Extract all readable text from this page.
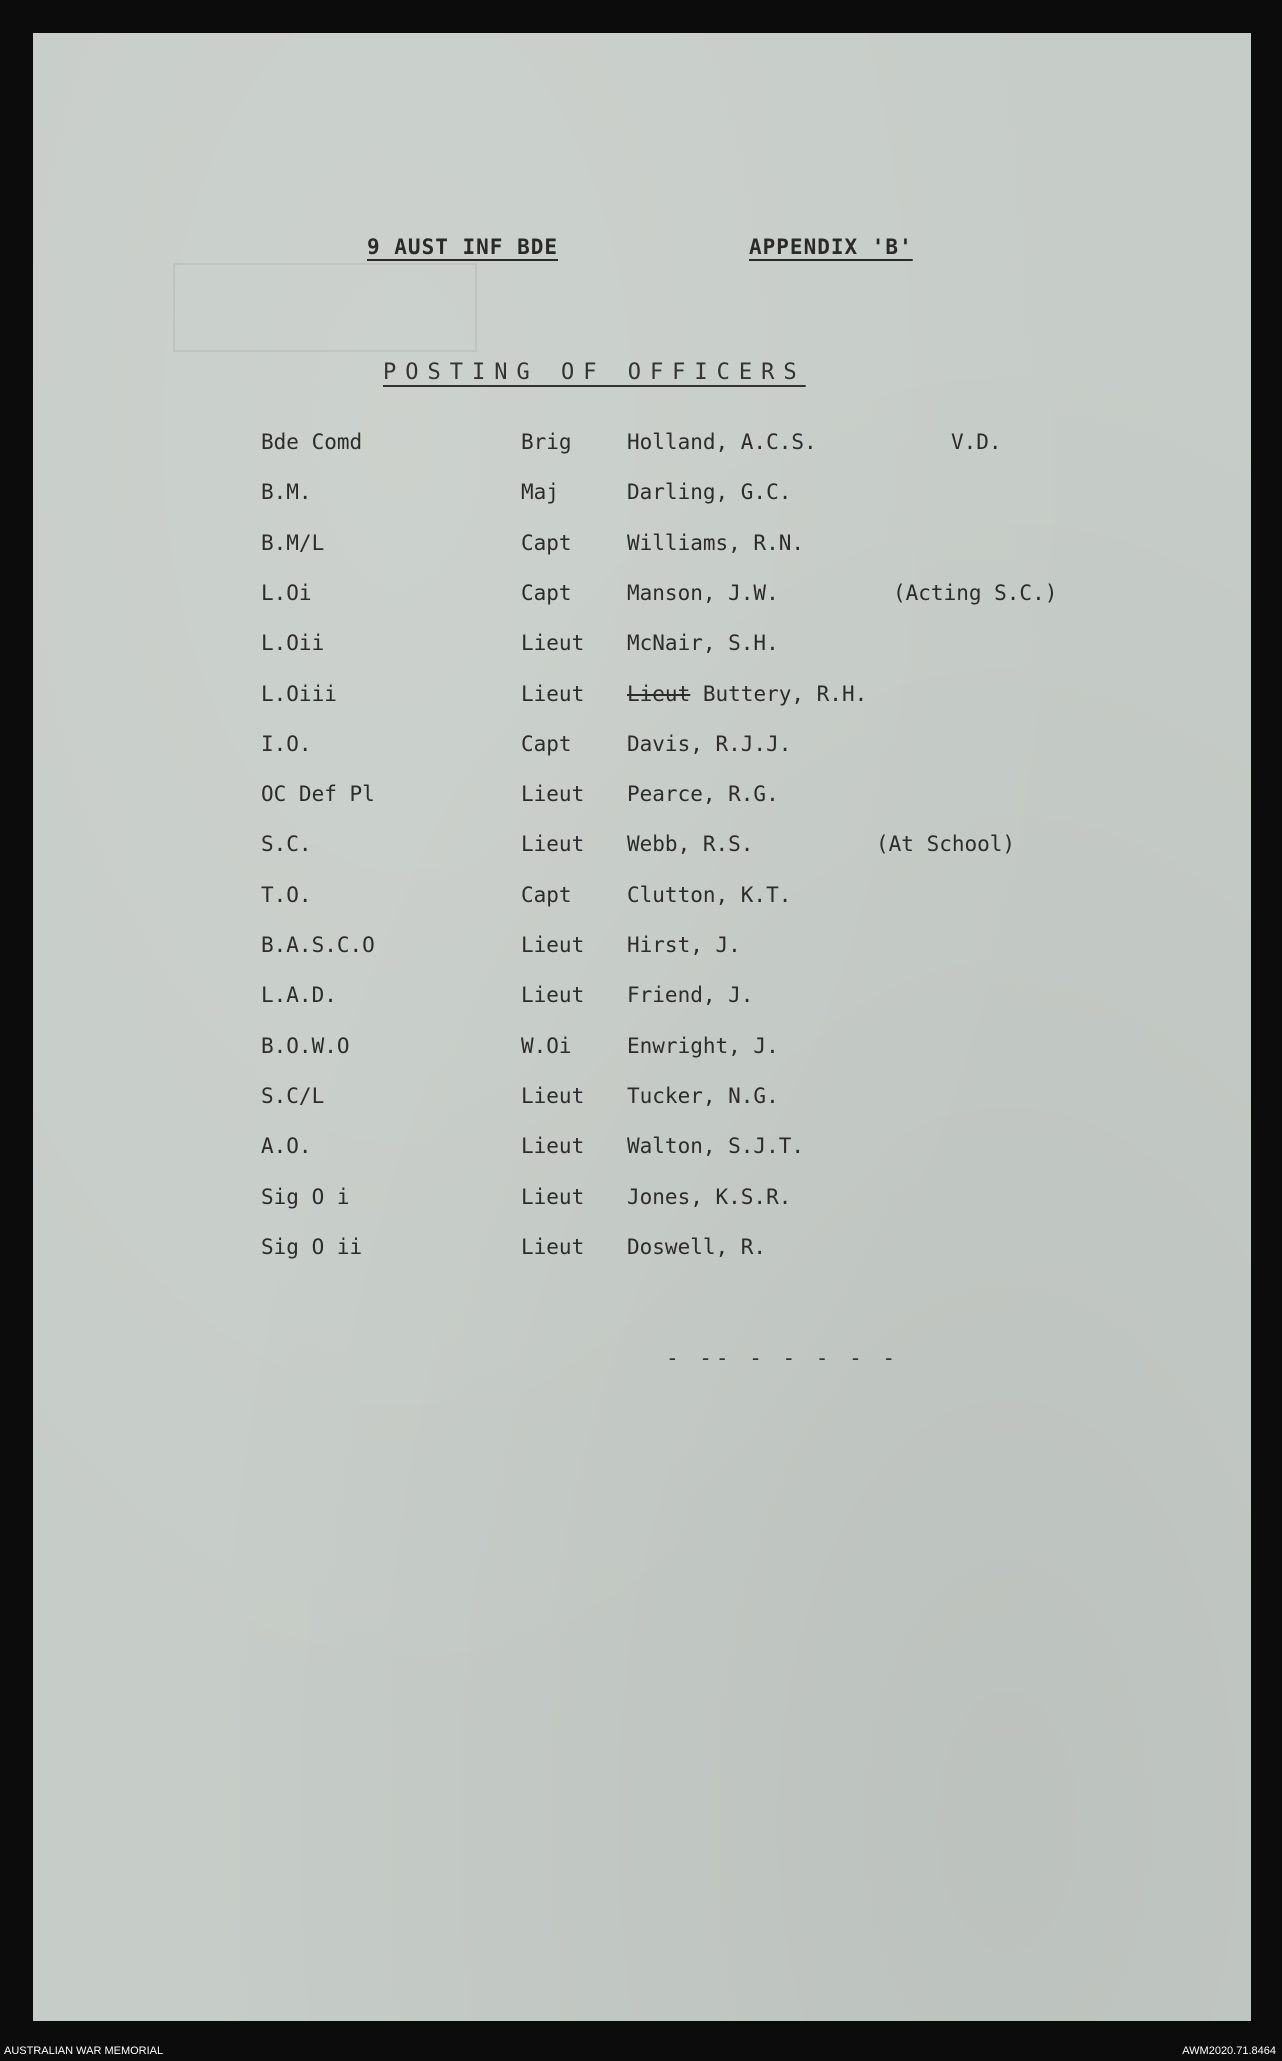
9 AUST INF BDE	APPENDIX 'B'
POSTING OF OFFICERS
Bde Comd	Brig	Holland, A.C.S.	V.D.
B.M.	Maj	Darling, G.C.
B.M/L	Capt	Williams, R.N.
L.Oi	Capt	Manson, J.W.	(Acting S.C.)
L.Oii	Lieut McNair, S.H.
L.Oiii	Lieut Lieut Buttery, R.H.
I.O.	Capt	Davis, R.J.J.
OC Def Pl	Lieut Pearce, R.G.
S.C.	Lieut Webb, R.S.	(At School)
T.O.	Capt	Clutton, K.T.
B.A.S.C.O	Lieut Hirst, J.
L.A.D.	Lieut Friend, J.
B.O.W.O	W.Oi	Enwright, J.
S.C/L	Lieut Tucker, N.G.
A.O.	Lieut Walton, S.J.T.
Sig O i	Lieut Jones, K.S.R.
Sig O ii	Lieut Doswell, R.
- -- - - - - -
AUSTRALIAN WAR MEMORIAL	AWM2020.71.8464
